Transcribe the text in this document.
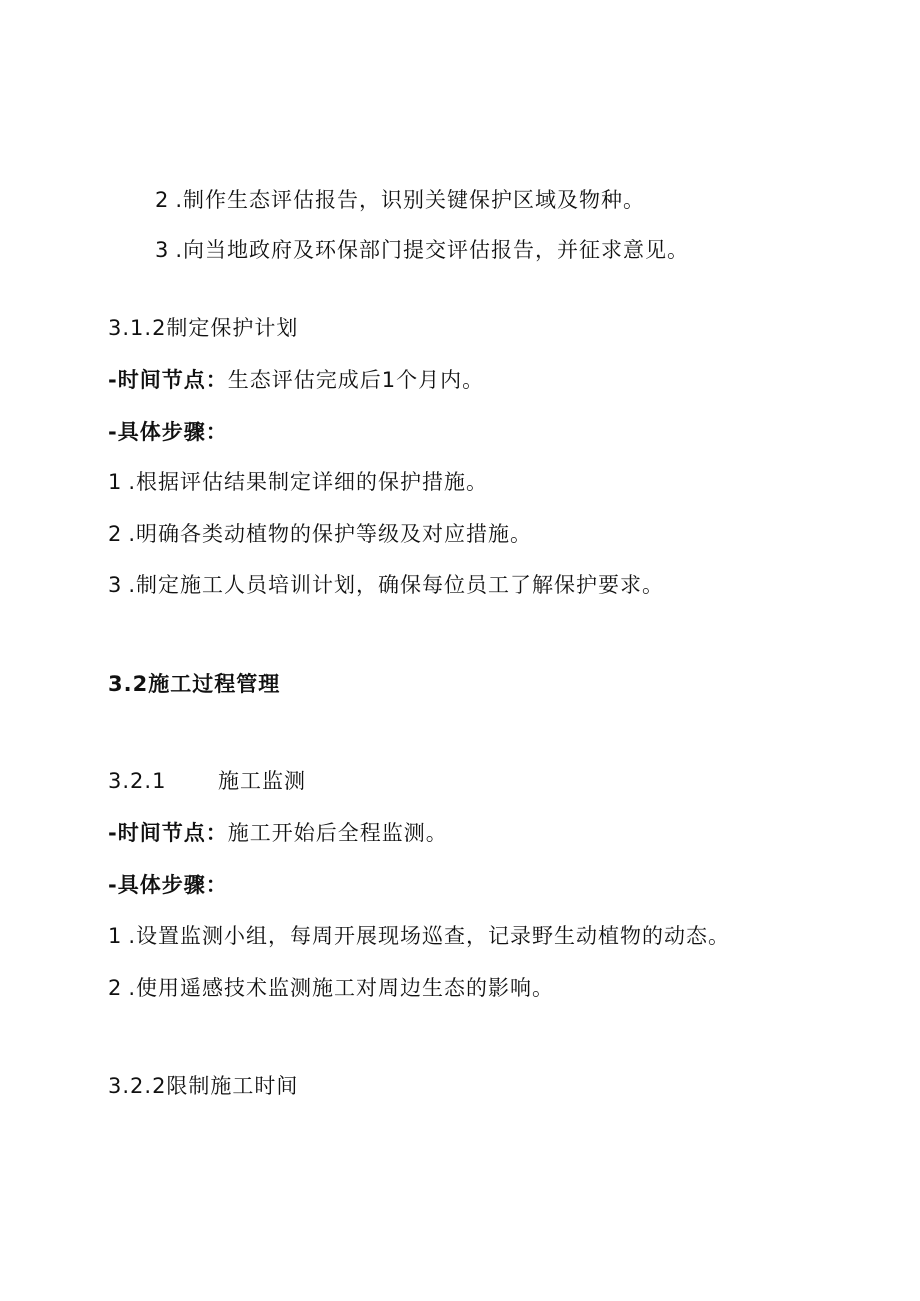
2 .制作生态评估报告，识别关键保护区域及物种。
3 .向当地政府及环保部门提交评估报告，并征求意见。
3.1.2制定保护计划
-时间节点：生态评估完成后1个月内。
-具体步骤：
1 .根据评估结果制定详细的保护措施。
2 .明确各类动植物的保护等级及对应措施。
3 .制定施工人员培训计划，确保每位员工了解保护要求。
3.2施工过程管理
3.2.1 施工监测
-时间节点：施工开始后全程监测。
-具体步骤：
1 .设置监测小组，每周开展现场巡查，记录野生动植物的动态。
2 .使用遥感技术监测施工对周边生态的影响。
3.2.2限制施工时间
